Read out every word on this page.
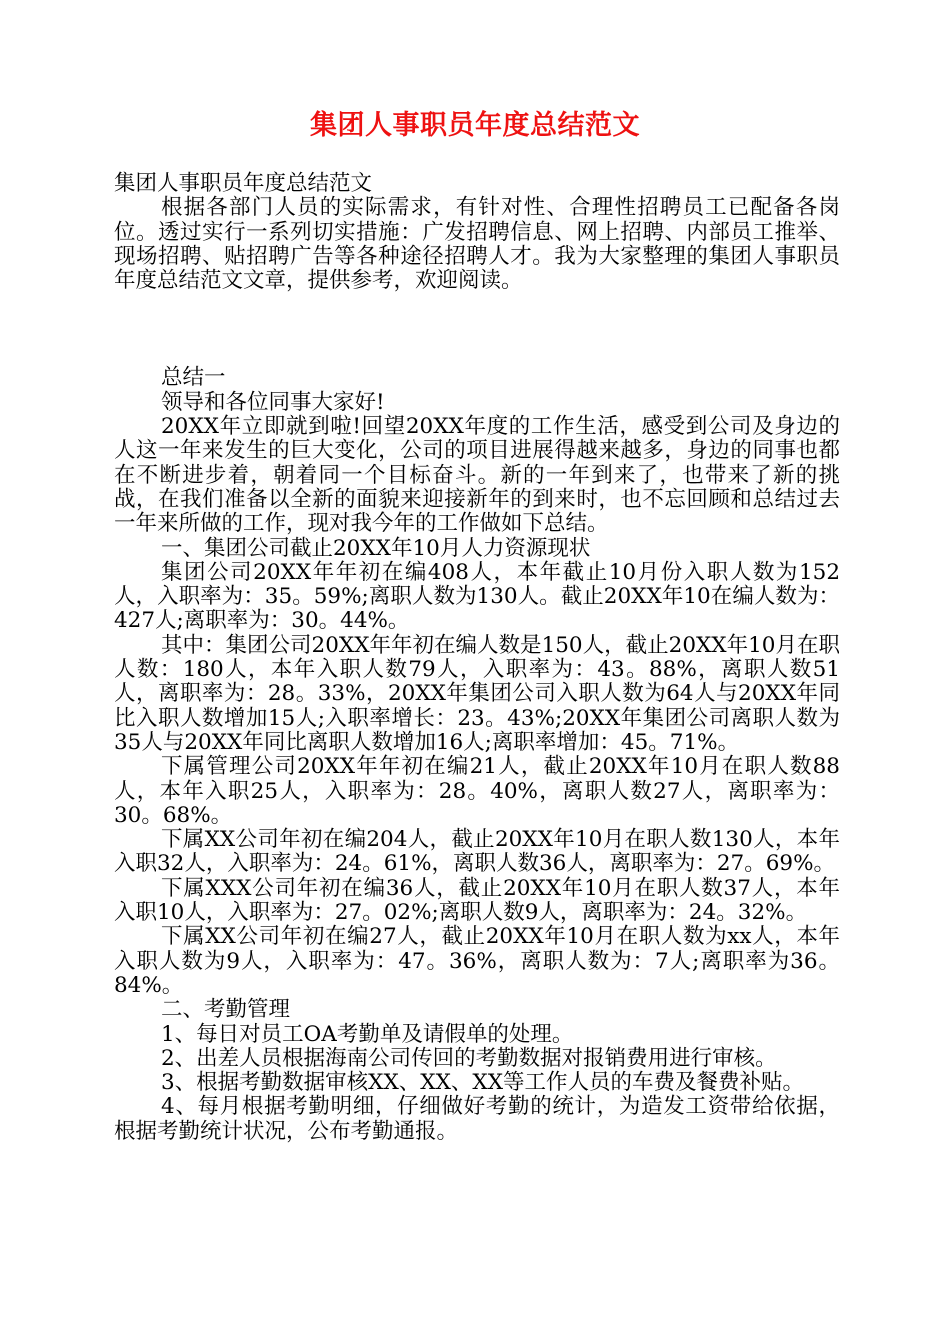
集团人事职员年度总结范文

集团人事职员年度总结范文

根据各部门人员的实际需求，有针对性、合理性招聘员工已配备各岗位。透过实行一系列切实措施：广发招聘信息、网上招聘、内部员工推举、现场招聘、贴招聘广告等各种途径招聘人才。我为大家整理的集团人事职员年度总结范文文章，提供参考，欢迎阅读。

总结一

领导和各位同事大家好!

20XX年立即就到啦!回望20XX年度的工作生活，感受到公司及身边的人这一年来发生的巨大变化，公司的项目进展得越来越多，身边的同事也都在不断进步着，朝着同一个目标奋斗。新的一年到来了，也带来了新的挑战，在我们准备以全新的面貌来迎接新年的到来时，也不忘回顾和总结过去一年来所做的工作，现对我今年的工作做如下总结。

一、集团公司截止20XX年10月人力资源现状

集团公司20XX年年初在编408人，本年截止10月份入职人数为152人，入职率为：35。59%;离职人数为130人。截止20XX年10在编人数为：427人;离职率为：30。44%。

其中：集团公司20XX年年初在编人数是150人，截止20XX年10月在职人数：180人，本年入职人数79人，入职率为：43。88%，离职人数51人，离职率为：28。33%，20XX年集团公司入职人数为64人与20XX年同比入职人数增加15人;入职率增长：23。43%;20XX年集团公司离职人数为35人与20XX年同比离职人数增加16人;离职率增加：45。71%。

下属管理公司20XX年年初在编21人，截止20XX年10月在职人数88人，本年入职25人，入职率为：28。40%，离职人数27人，离职率为：30。68%。

下属XX公司年初在编204人，截止20XX年10月在职人数130人，本年入职32人，入职率为：24。61%，离职人数36人，离职率为：27。69%。

下属XXX公司年初在编36人，截止20XX年10月在职人数37人，本年入职10人，入职率为：27。02%;离职人数9人，离职率为：24。32%。

下属XX公司年初在编27人，截止20XX年10月在职人数为xx人，本年入职人数为9人，入职率为：47。36%，离职人数为：7人;离职率为36。84%。

二、考勤管理

1、每日对员工OA考勤单及请假单的处理。

2、出差人员根据海南公司传回的考勤数据对报销费用进行审核。

3、根据考勤数据审核XX、XX、XX等工作人员的车费及餐费补贴。

4、每月根据考勤明细，仔细做好考勤的统计，为造发工资带给依据，根据考勤统计状况，公布考勤通报。
